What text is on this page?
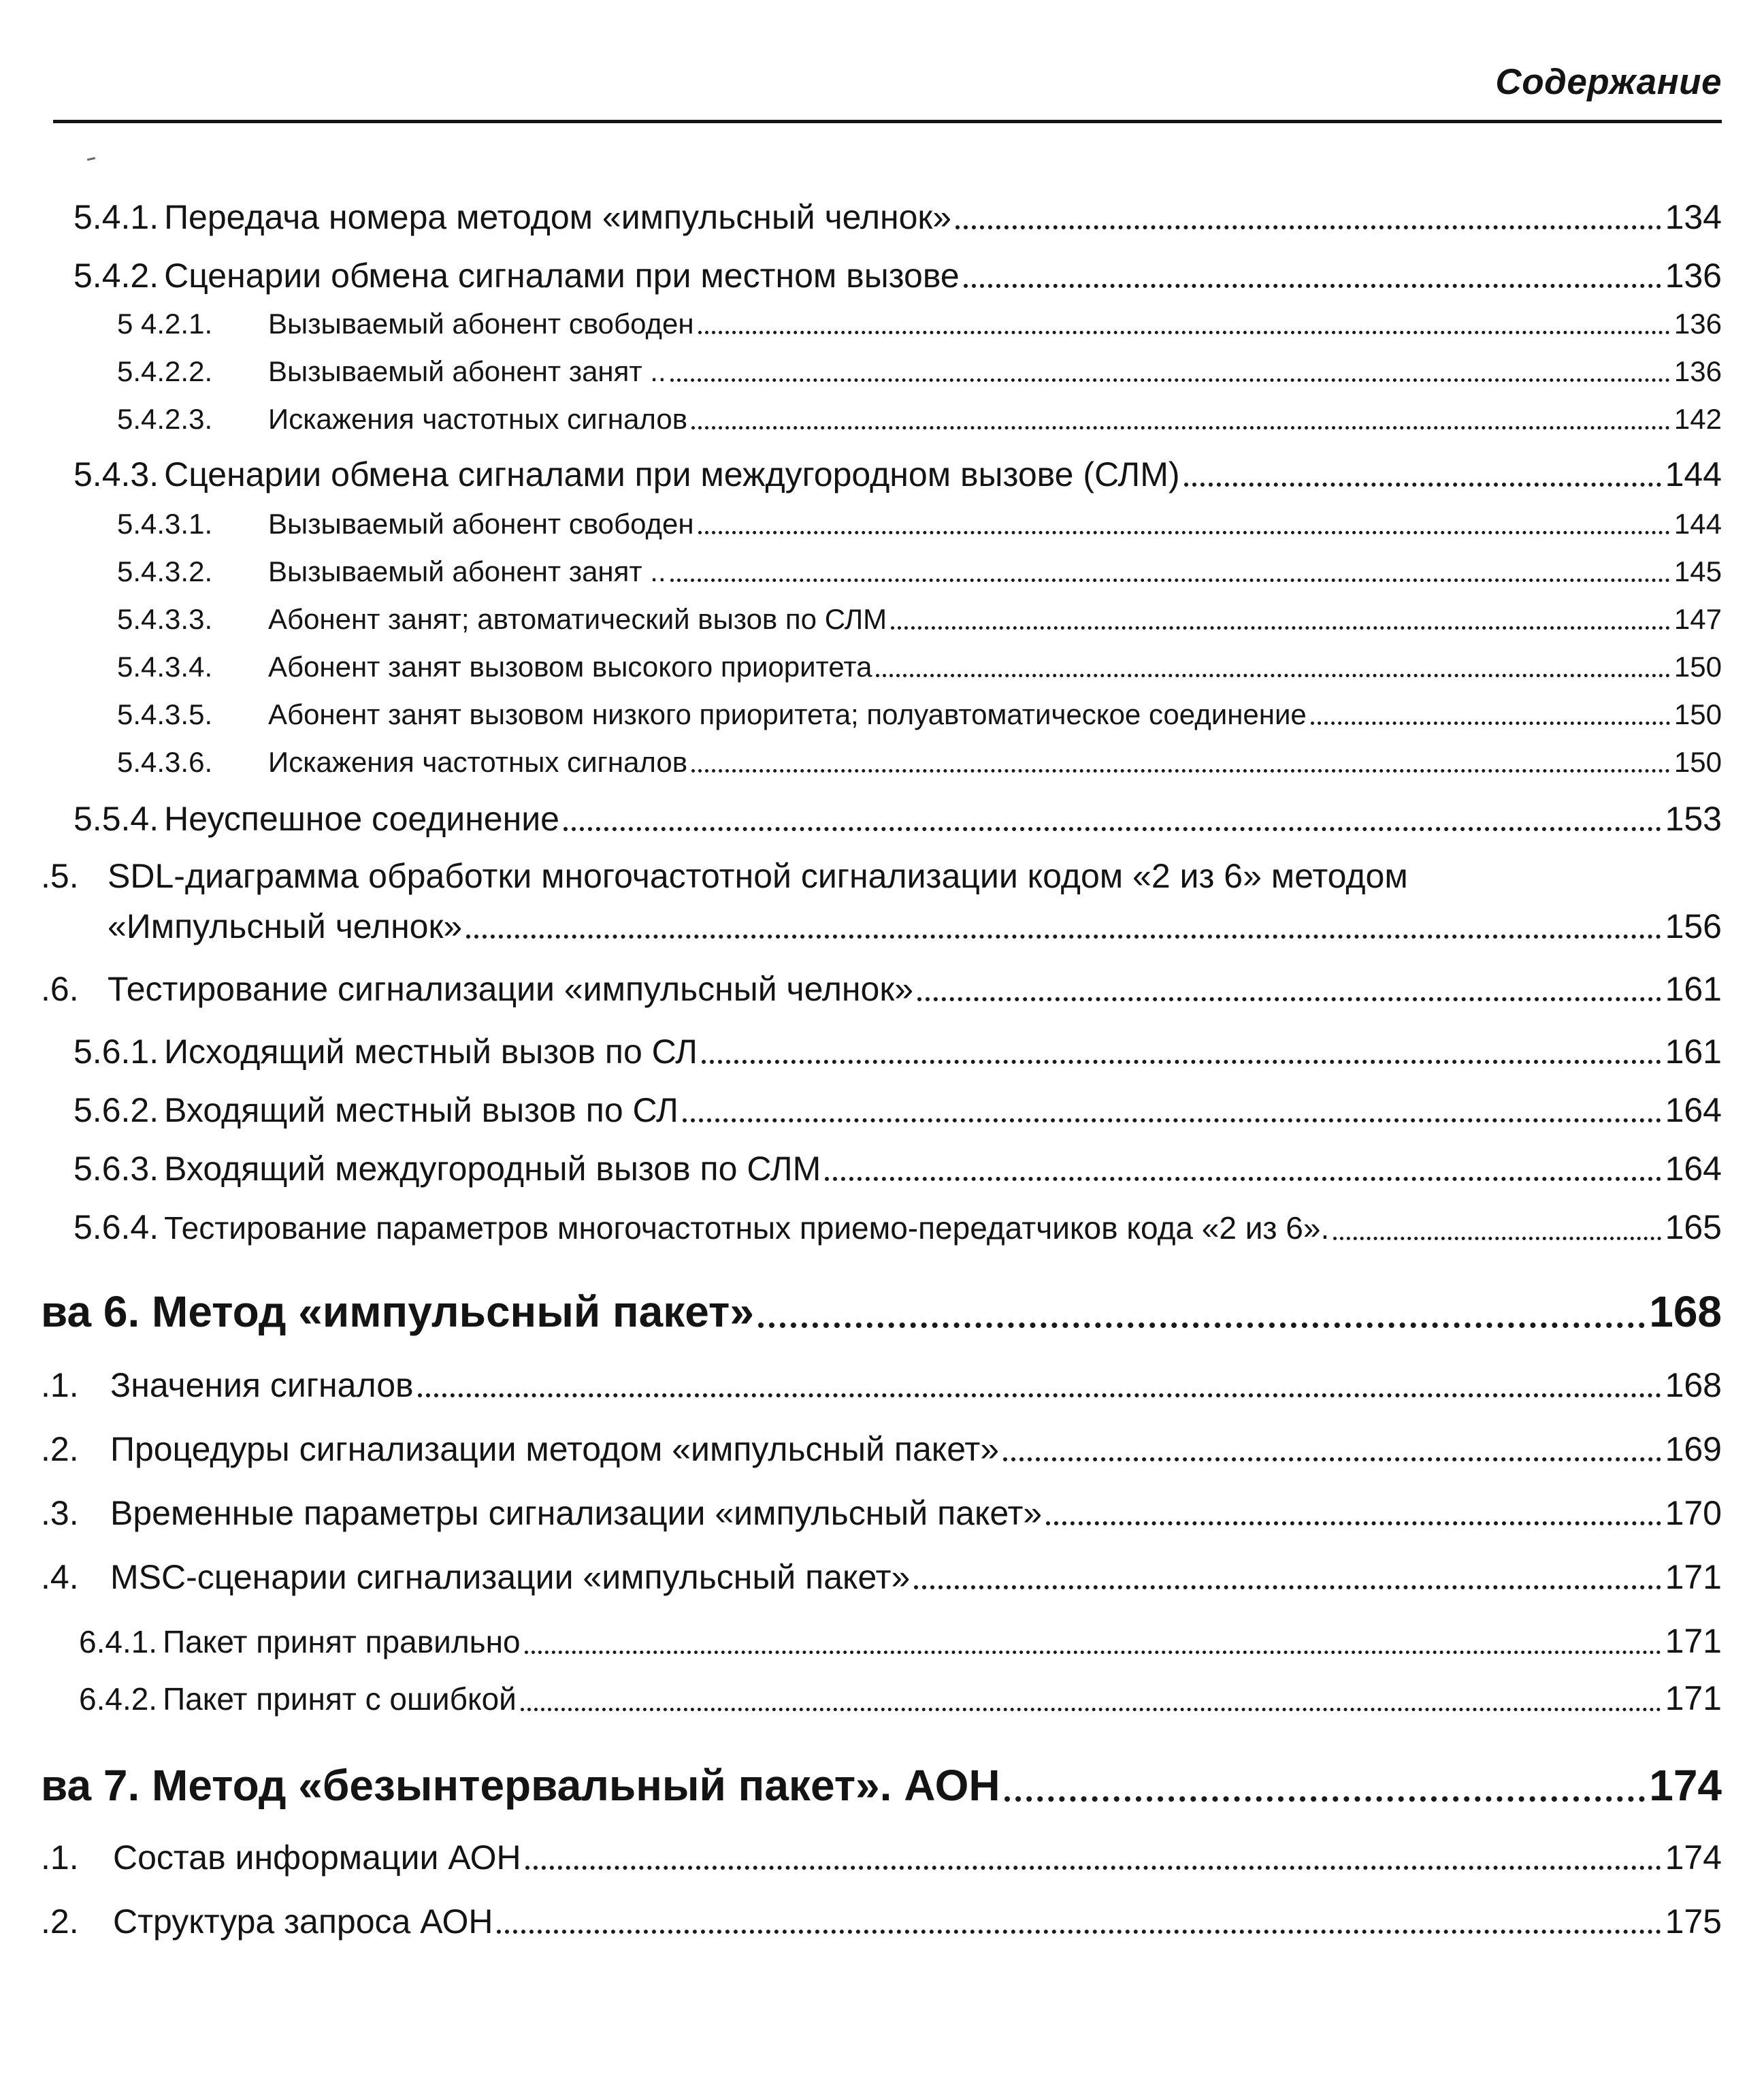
Содержание
5.4.1. Передача номера методом «импульсный челнок»	134
5.4.2. Сценарии обмена сигналами при местном вызове	136
5 4.2.1.	Вызываемый абонент свободен	136
5.4.2.2.	Вызываемый абонент занят ..	136
5.4.2.3.	Искажения частотных сигналов	142
5.4.3. Сценарии обмена сигналами при междугородном вызове (СЛМ)	144
5.4.3.1.	Вызываемый абонент свободен	144
5.4.3.2.	Вызываемый абонент занят ..	145
5.4.3.3.	Абонент занят; автоматический вызов по СЛМ	147
5.4.3.4.	Абонент занят вызовом высокого приоритета	150
5.4.3.5.	Абонент занят вызовом низкого приоритета; полуавтоматическое соединение	150
5.4.3.6.	Искажения частотных сигналов	150
5.5.4. Неуспешное соединение	153
.5. SDL-диаграмма обработки многочастотной сигнализации кодом «2 из 6» методом
«Импульсный челнок»	156
.6. Тестирование сигнализации «импульсный челнок»	161
5.6.1. Исходящий местный вызов по СЛ	161
5.6.2. Входящий местный вызов по СЛ	164
5.6.3. Входящий междугородный вызов по СЛМ	164
5.6.4. Тестирование параметров многочастотных приемо-передатчиков кода «2 из 6».	165
ва 6. Метод «импульсный пакет»	168
.1. Значения сигналов	168
.2. Процедуры сигнализации методом «импульсный пакет»	169
.3. Временные параметры сигнализации «импульсный пакет»	170
.4. MSC-сценарии сигнализации «импульсный пакет»	171
6.4.1. Пакет принят правильно	171
6.4.2. Пакет принят с ошибкой	171
ва 7. Метод «безынтервальный пакет». АОН	174
.1.	Состав информации АОН	174
.2.	Структура запроса АОН	175
